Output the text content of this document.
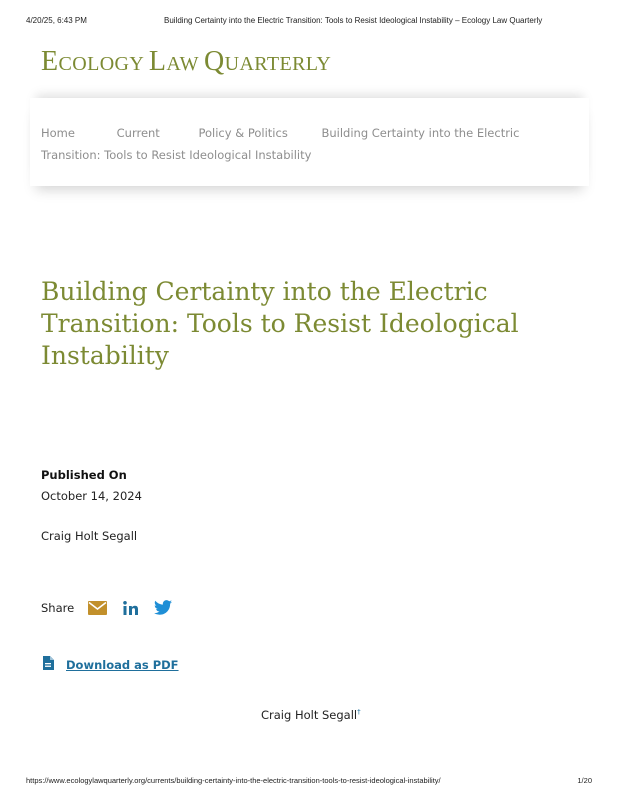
4/20/25, 6:43 PM	Building Certainty into the Electric Transition: Tools to Resist Ideological Instability – Ecology Law Quarterly
ECOLOGY LAW QUARTERLY
Home	Current	Policy & Politics	Building Certainty into the Electric Transition: Tools to Resist Ideological Instability
Building Certainty into the Electric Transition: Tools to Resist Ideological Instability
Published On
October 14, 2024
Craig Holt Segall
Share
Download as PDF
Craig Holt Segall†
https://www.ecologylawquarterly.org/currents/building-certainty-into-the-electric-transition-tools-to-resist-ideological-instability/	1/20
